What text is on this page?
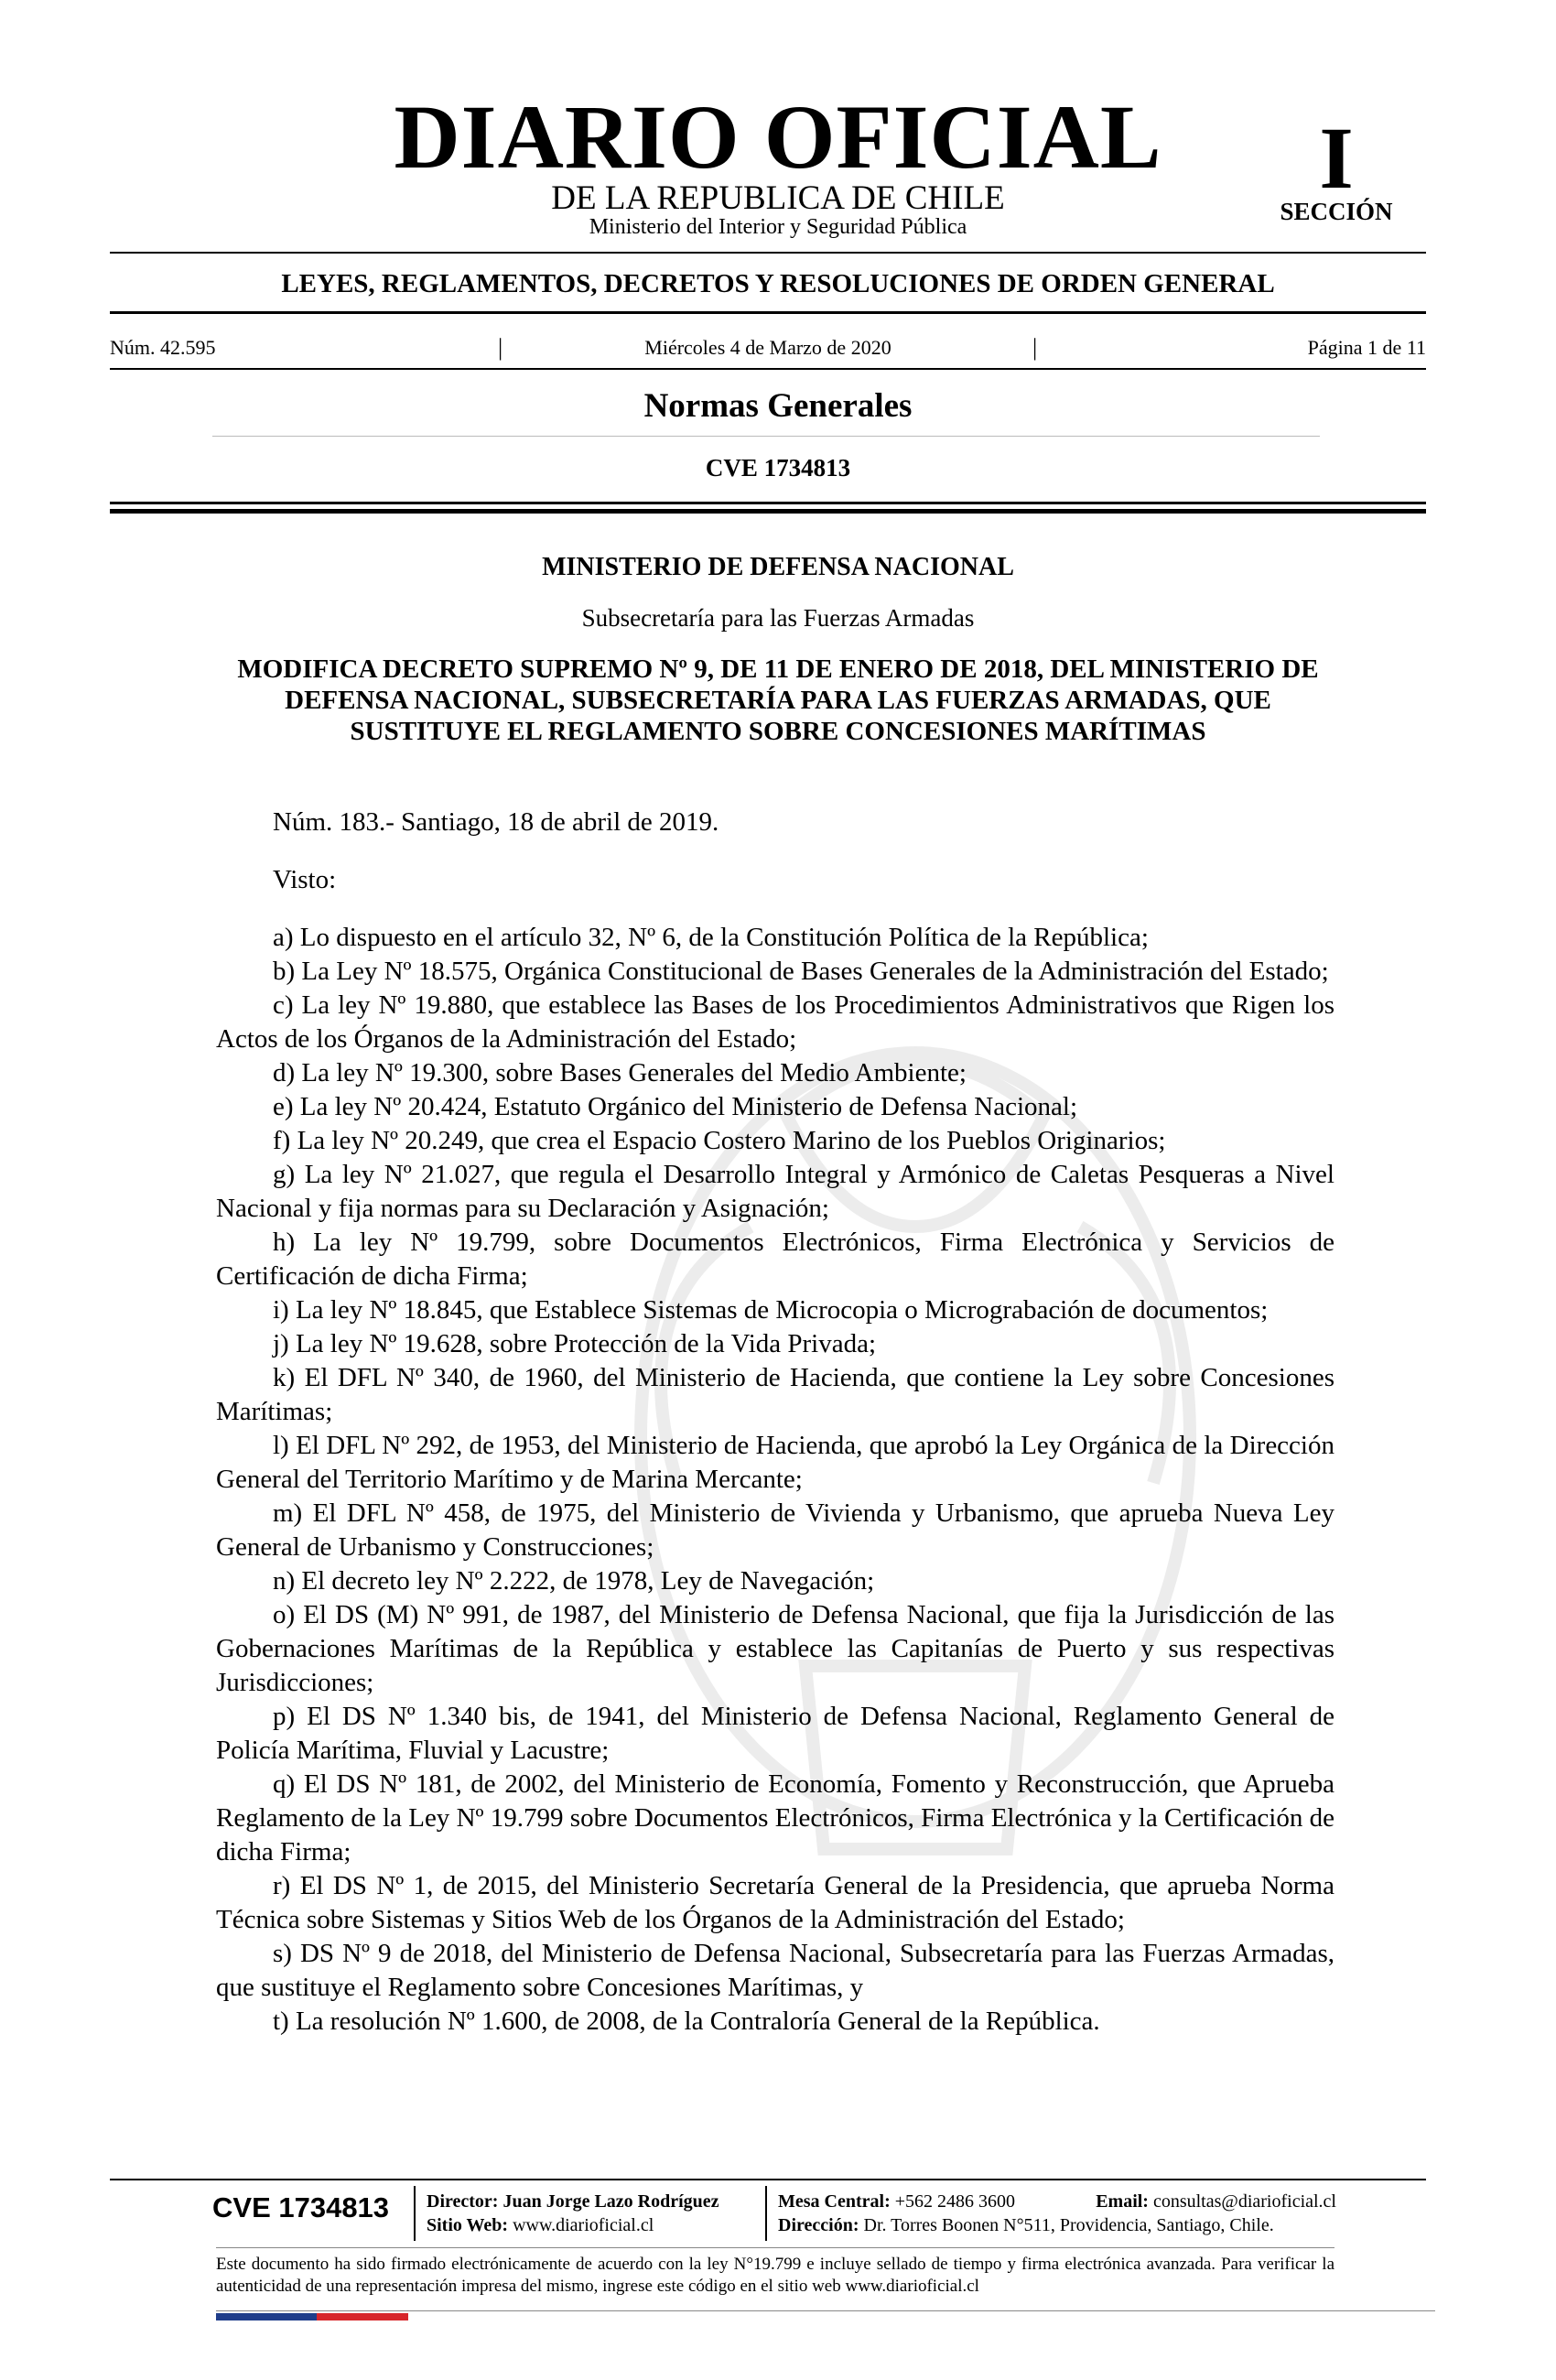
DIARIO OFICIAL
DE LA REPUBLICA DE CHILE
Ministerio del Interior y Seguridad Pública
I
SECCIÓN
LEYES, REGLAMENTOS, DECRETOS Y RESOLUCIONES DE ORDEN GENERAL
Núm. 42.595	|	Miércoles 4 de Marzo de 2020	|	Página 1 de 11
Normas Generales
CVE 1734813
MINISTERIO DE DEFENSA NACIONAL
Subsecretaría para las Fuerzas Armadas
MODIFICA DECRETO SUPREMO Nº 9, DE 11 DE ENERO DE 2018, DEL MINISTERIO DE DEFENSA NACIONAL, SUBSECRETARÍA PARA LAS FUERZAS ARMADAS, QUE SUSTITUYE EL REGLAMENTO SOBRE CONCESIONES MARÍTIMAS

Núm. 183.- Santiago, 18 de abril de 2019.

Visto:

a) Lo dispuesto en el artículo 32, Nº 6, de la Constitución Política de la República;

b) La Ley Nº 18.575, Orgánica Constitucional de Bases Generales de la Administración del Estado;

c) La ley Nº 19.880, que establece las Bases de los Procedimientos Administrativos que Rigen los Actos de los Órganos de la Administración del Estado;

d) La ley Nº 19.300, sobre Bases Generales del Medio Ambiente;

e) La ley Nº 20.424, Estatuto Orgánico del Ministerio de Defensa Nacional;

f) La ley Nº 20.249, que crea el Espacio Costero Marino de los Pueblos Originarios;

g) La ley Nº 21.027, que regula el Desarrollo Integral y Armónico de Caletas Pesqueras a Nivel Nacional y fija normas para su Declaración y Asignación;

h) La ley Nº 19.799, sobre Documentos Electrónicos, Firma Electrónica y Servicios de Certificación de dicha Firma;

i) La ley Nº 18.845, que Establece Sistemas de Microcopia o Micrograbación de documentos;

j) La ley Nº 19.628, sobre Protección de la Vida Privada;

k) El DFL Nº 340, de 1960, del Ministerio de Hacienda, que contiene la Ley sobre Concesiones Marítimas;

l) El DFL Nº 292, de 1953, del Ministerio de Hacienda, que aprobó la Ley Orgánica de la Dirección General del Territorio Marítimo y de Marina Mercante;

m) El DFL Nº 458, de 1975, del Ministerio de Vivienda y Urbanismo, que aprueba Nueva Ley General de Urbanismo y Construcciones;

n) El decreto ley Nº 2.222, de 1978, Ley de Navegación;

o) El DS (M) Nº 991, de 1987, del Ministerio de Defensa Nacional, que fija la Jurisdicción de las Gobernaciones Marítimas de la República y establece las Capitanías de Puerto y sus respectivas Jurisdicciones;

p) El DS Nº 1.340 bis, de 1941, del Ministerio de Defensa Nacional, Reglamento General de Policía Marítima, Fluvial y Lacustre;

q) El DS Nº 181, de 2002, del Ministerio de Economía, Fomento y Reconstrucción, que Aprueba Reglamento de la Ley Nº 19.799 sobre Documentos Electrónicos, Firma Electrónica y la Certificación de dicha Firma;

r) El DS Nº 1, de 2015, del Ministerio Secretaría General de la Presidencia, que aprueba Norma Técnica sobre Sistemas y Sitios Web de los Órganos de la Administración del Estado;

s) DS Nº 9 de 2018, del Ministerio de Defensa Nacional, Subsecretaría para las Fuerzas Armadas, que sustituye el Reglamento sobre Concesiones Marítimas, y

t) La resolución Nº 1.600, de 2008, de la Contraloría General de la República.

CVE 1734813	Director: Juan Jorge Lazo Rodríguez
Sitio Web: www.diarioficial.cl
Mesa Central: +562 2486 3600	Email: consultas@diarioficial.cl
Dirección: Dr. Torres Boonen N°511, Providencia, Santiago, Chile.
Este documento ha sido firmado electrónicamente de acuerdo con la ley N°19.799 e incluye sellado de tiempo y firma electrónica avanzada. Para verificar la autenticidad de una representación impresa del mismo, ingrese este código en el sitio web www.diarioficial.cl
